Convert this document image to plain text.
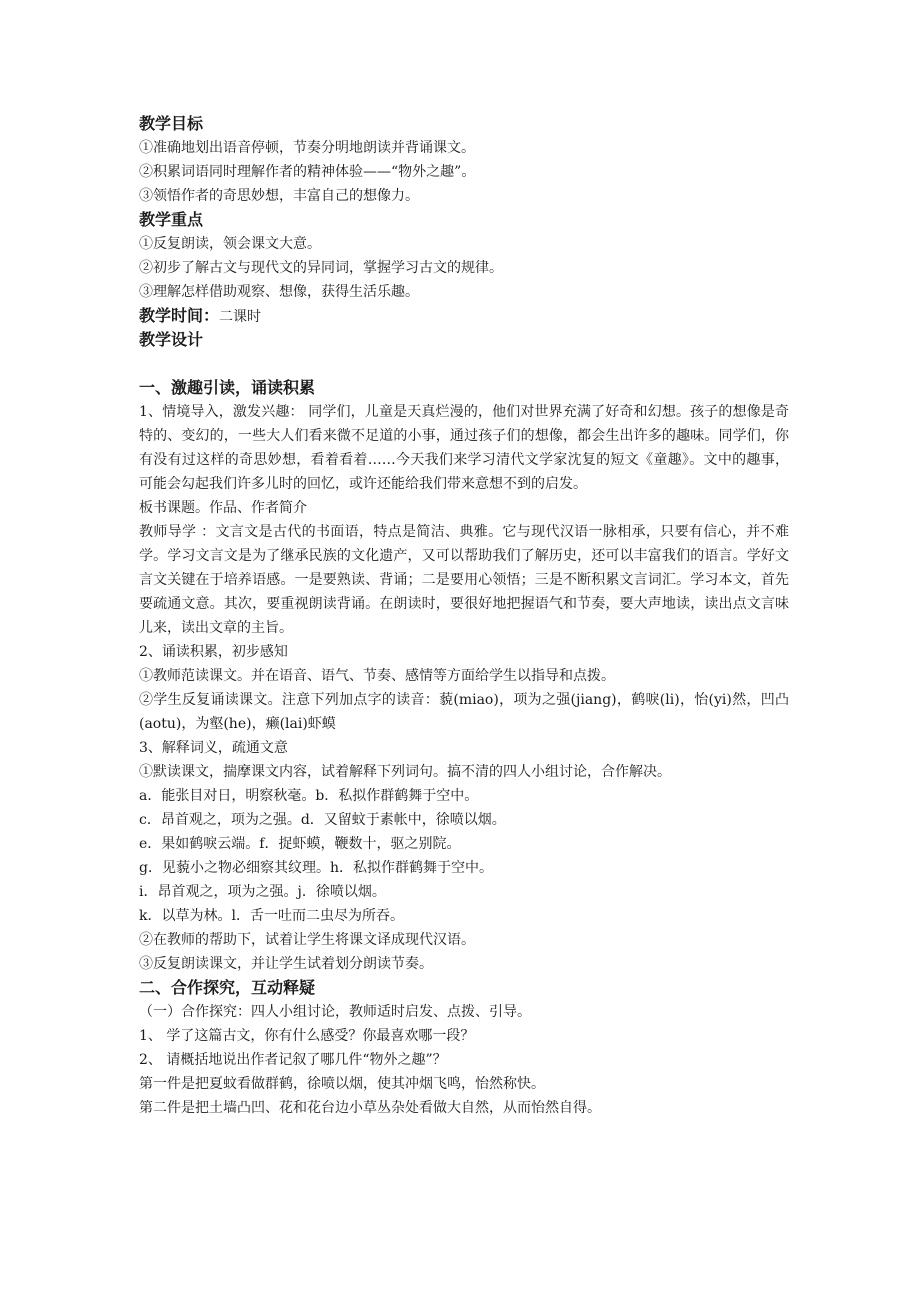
教学目标
①准确地划出语音停顿，节奏分明地朗读并背诵课文。
②积累词语同时理解作者的精神体验——“物外之趣”。
③领悟作者的奇思妙想，丰富自己的想像力。
教学重点
①反复朗读，领会课文大意。
②初步了解古文与现代文的异同词，掌握学习古文的规律。
③理解怎样借助观察、想像，获得生活乐趣。
教学时间：二课时
教学设计
一、激趣引读，诵读积累

1、情境导入，激发兴趣： 同学们，儿童是天真烂漫的，他们对世界充满了好奇和幻想。孩子的想像是奇特的、变幻的，一些大人们看来微不足道的小事，通过孩子们的想像，都会生出许多的趣味。同学们，你有没有过这样的奇思妙想，看着看着……今天我们来学习清代文学家沈复的短文《童趣》。文中的趣事，可能会勾起我们许多儿时的回忆，或许还能给我们带来意想不到的启发。

板书课题。作品、作者简介

教师导学 ：文言文是古代的书面语，特点是简洁、典雅。它与现代汉语一脉相承，只要有信心，并不难学。学习文言文是为了继承民族的文化遗产，又可以帮助我们了解历史，还可以丰富我们的语言。学好文言文关键在于培养语感。一是要熟读、背诵；二是要用心领悟；三是不断积累文言词汇。学习本文，首先要疏通文意。其次，要重视朗读背诵。在朗读时，要很好地把握语气和节奏，要大声地读，读出点文言味儿来，读出文章的主旨。

2、诵读积累，初步感知
①教师范读课文。并在语音、语气、节奏、感情等方面给学生以指导和点拨。

②学生反复诵读课文。注意下列加点字的读音：藐(miao)，项为之强(jiang)，鹤唳(li)，怡(yi)然，凹凸(aotu)，为壑(he)，癞(lai)虾蟆

3、解释词义，疏通文意
①默读课文，揣摩课文内容，试着解释下列词句。搞不清的四人小组讨论，合作解决。
a．能张目对日，明察秋毫。b．私拟作群鹤舞于空中。
c．昂首观之，项为之强。d．又留蚊于素帐中，徐喷以烟。
e．果如鹤唳云端。f．捉虾蟆，鞭数十，驱之别院。
g．见藐小之物必细察其纹理。h．私拟作群鹤舞于空中。
i．昂首观之，项为之强。j．徐喷以烟。
k．以草为林。l．舌一吐而二虫尽为所吞。
②在教师的帮助下，试着让学生将课文译成现代汉语。
③反复朗读课文，并让学生试着划分朗读节奏。
二、合作探究，互动释疑
（一）合作探究：四人小组讨论，教师适时启发、点拨、引导。
1、 学了这篇古文，你有什么感受？你最喜欢哪一段？
2、 请概括地说出作者记叙了哪几件“物外之趣”？
第一件是把夏蚊看做群鹤，徐喷以烟，使其冲烟飞鸣，怡然称快。
第二件是把土墙凸凹、花和花台边小草丛杂处看做大自然，从而怡然自得。
